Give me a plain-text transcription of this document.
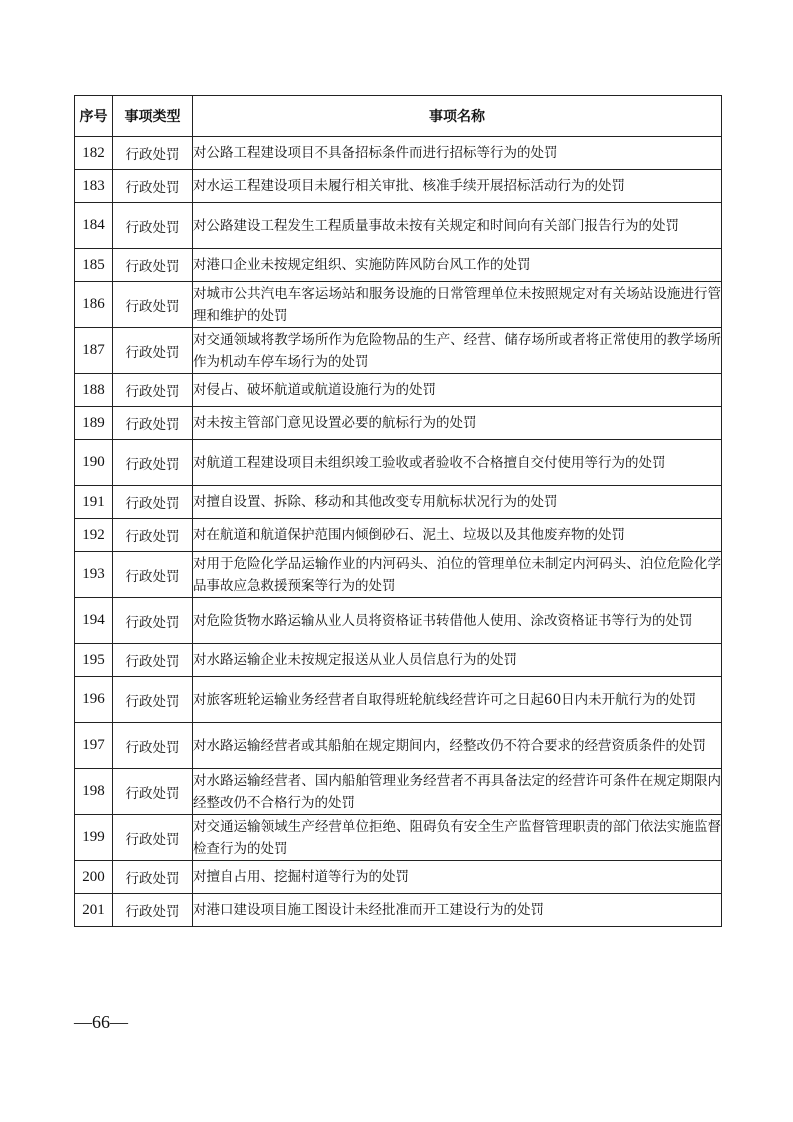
序号	事项类型	事项名称
182	行政处罚	对公路工程建设项目不具备招标条件而进行招标等行为的处罚
183	行政处罚	对水运工程建设项目未履行相关审批、核准手续开展招标活动行为的处罚
184	行政处罚	对公路建设工程发生工程质量事故未按有关规定和时间向有关部门报告行为的处罚
185	行政处罚	对港口企业未按规定组织、实施防阵风防台风工作的处罚
186	行政处罚	对城市公共汽电车客运场站和服务设施的日常管理单位未按照规定对有关场站设施进行管理和维护的处罚
187	行政处罚	对交通领域将教学场所作为危险物品的生产、经营、储存场所或者将正常使用的教学场所作为机动车停车场行为的处罚
188	行政处罚	对侵占、破坏航道或航道设施行为的处罚
189	行政处罚	对未按主管部门意见设置必要的航标行为的处罚
190	行政处罚	对航道工程建设项目未组织竣工验收或者验收不合格擅自交付使用等行为的处罚
191	行政处罚	对擅自设置、拆除、移动和其他改变专用航标状况行为的处罚
192	行政处罚	对在航道和航道保护范围内倾倒砂石、泥土、垃圾以及其他废弃物的处罚
193	行政处罚	对用于危险化学品运输作业的内河码头、泊位的管理单位未制定内河码头、泊位危险化学品事故应急救援预案等行为的处罚
194	行政处罚	对危险货物水路运输从业人员将资格证书转借他人使用、涂改资格证书等行为的处罚
195	行政处罚	对水路运输企业未按规定报送从业人员信息行为的处罚
196	行政处罚	对旅客班轮运输业务经营者自取得班轮航线经营许可之日起60日内未开航行为的处罚
197	行政处罚	对水路运输经营者或其船舶在规定期间内，经整改仍不符合要求的经营资质条件的处罚
198	行政处罚	对水路运输经营者、国内船舶管理业务经营者不再具备法定的经营许可条件在规定期限内经整改仍不合格行为的处罚
199	行政处罚	对交通运输领域生产经营单位拒绝、阻碍负有安全生产监督管理职责的部门依法实施监督检查行为的处罚
200	行政处罚	对擅自占用、挖掘村道等行为的处罚
201	行政处罚	对港口建设项目施工图设计未经批准而开工建设行为的处罚
—66—
